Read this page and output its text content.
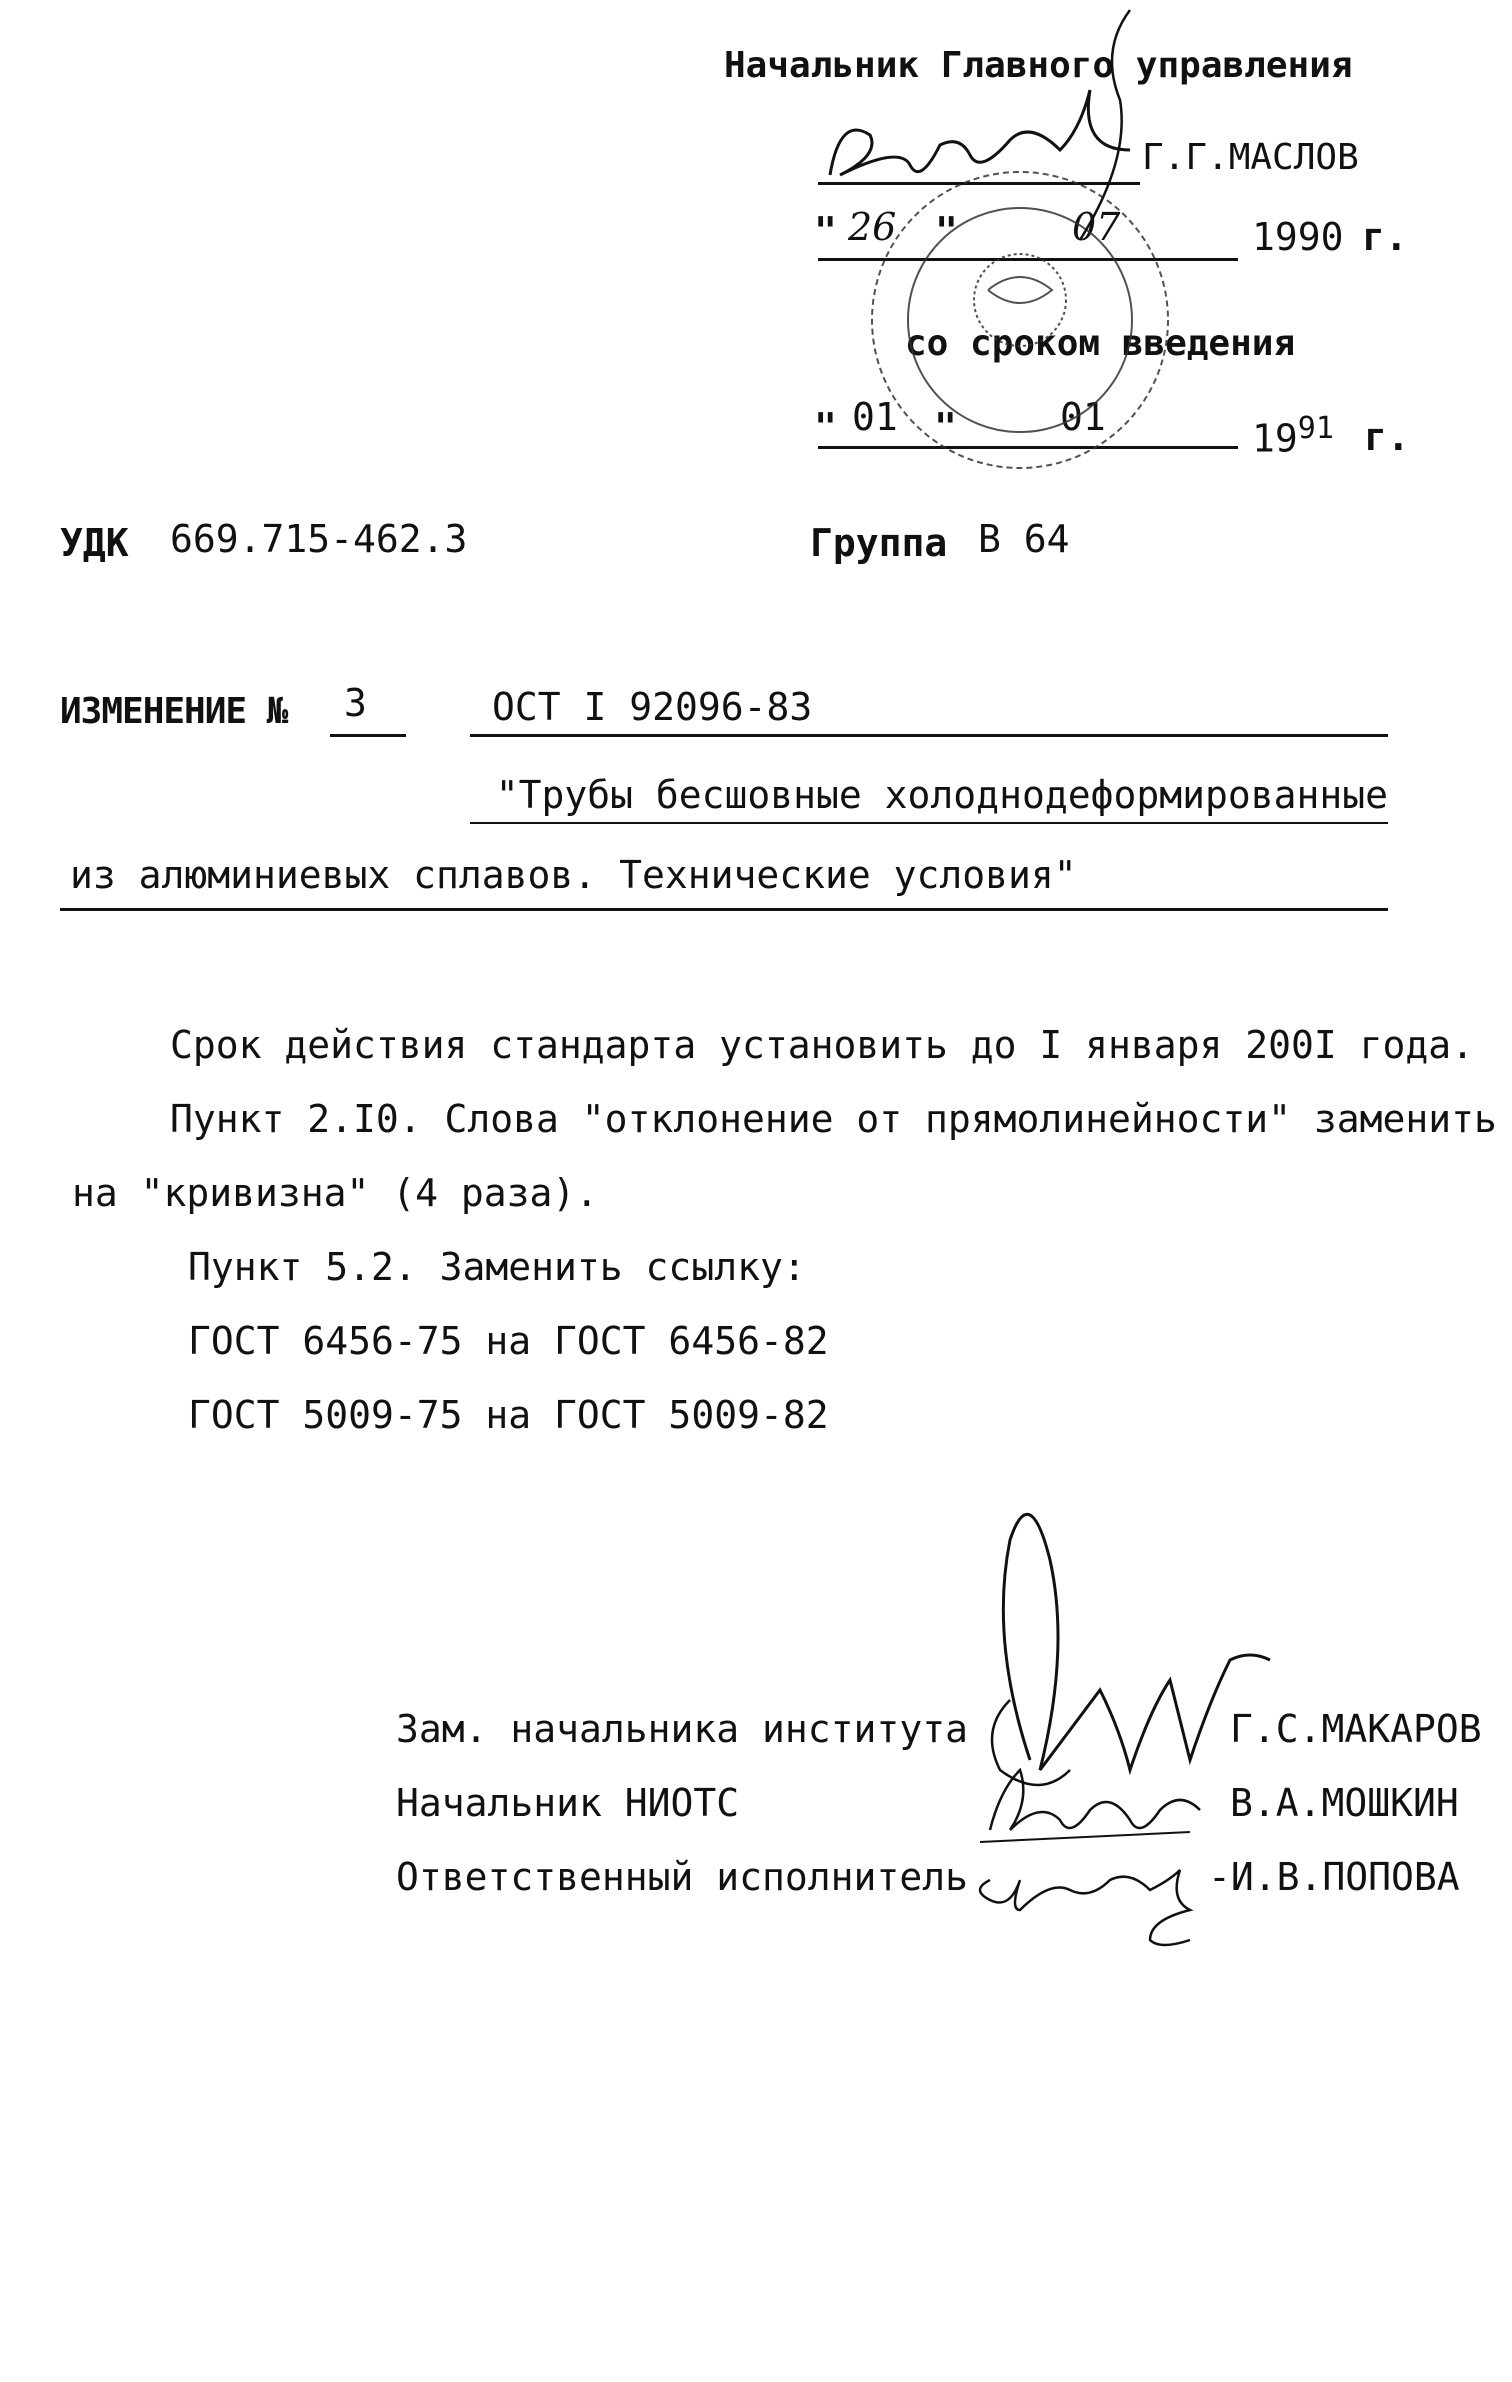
Начальник Главного управления
Г.Г.МАСЛОВ
" 26 "	07	1990 г.
со сроком введения
" 01 "	01	$19^{91}$ г.
УДК 669.715-462.3	Группа В 64
ИЗМЕНЕНИЕ № 3	ОСТ I 92096-83
"Трубы бесшовные холоднодеформированные
из алюминиевых сплавов. Технические условия"
Срок действия стандарта установить до I января 200I года.
Пункт 2.I0. Слова "отклонение от прямолинейности" заменить
на "кривизна" (4 раза).
Пункт 5.2. Заменить ссылку:
ГОСТ 6456-75 на ГОСТ 6456-82
ГОСТ 5009-75 на ГОСТ 5009-82
Зам. начальника института	Г.С.МАКАРОВ
Начальник НИОТС	В.А.МОШКИН
Ответственный исполнитель	-И.В.ПОПОВА
